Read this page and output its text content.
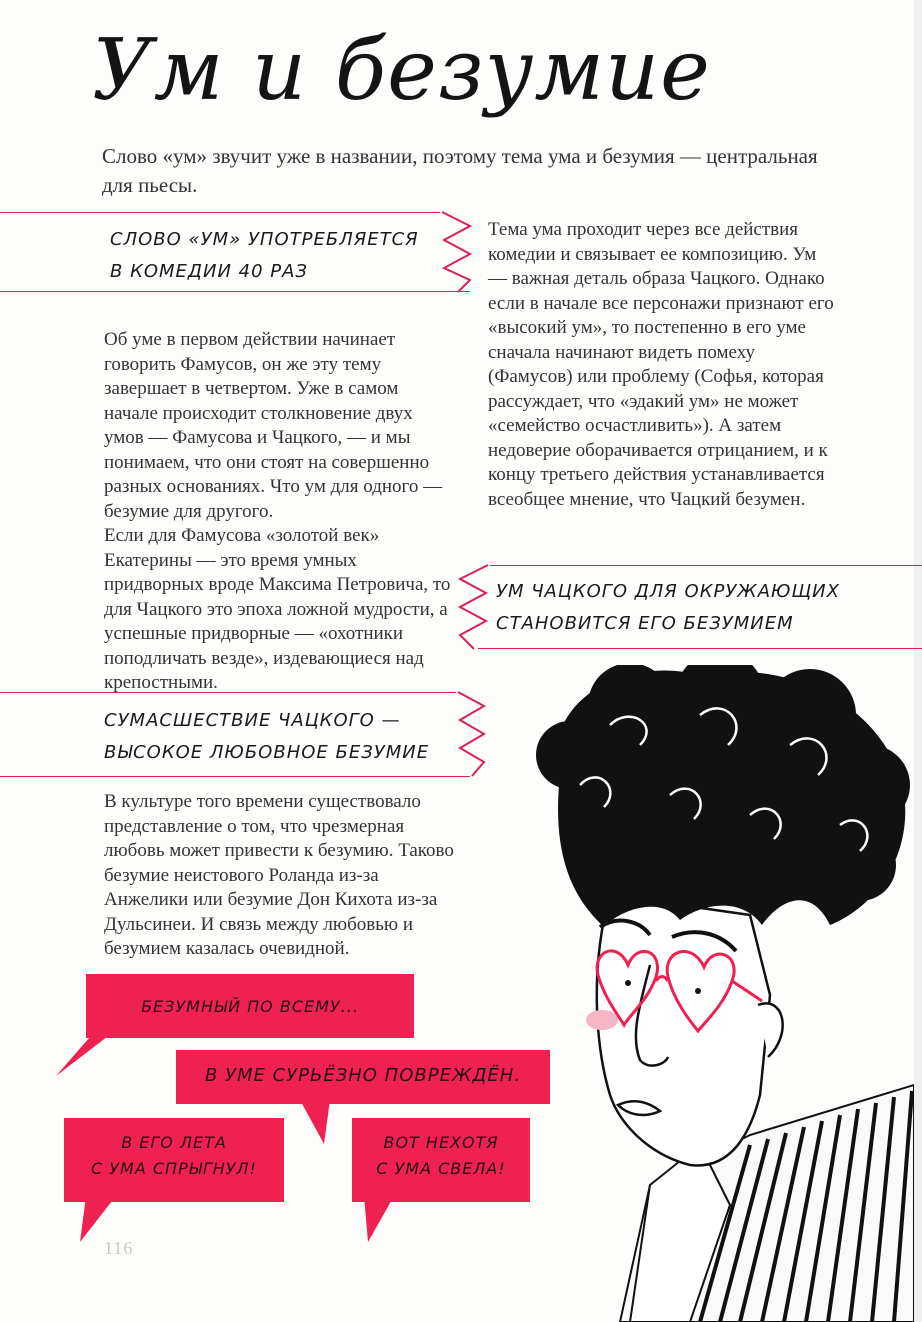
Ум и безумие
Слово «ум» звучит уже в названии, поэтому тема ума и безумия — центральная для пьесы.
СЛОВО «УМ» УПОТРЕБЛЯЕТСЯ
В КОМЕДИИ 40 РАЗ
Тема ума проходит через все действия комедии и связывает ее композицию. Ум — важная деталь образа Чацкого. Однако если в начале все персонажи признают его «высокий ум», то постепенно в его уме сначала начинают видеть помеху (Фамусов) или проблему (Софья, которая рассуждает, что «эдакий ум» не может «семейство осчастливить»). А затем недоверие оборачивается отрицанием, и к концу третьего действия устанавливается всеобщее мнение, что Чацкий безумен.
Об уме в первом действии начинает говорить Фамусов, он же эту тему завершает в четвертом. Уже в самом начале происходит столкновение двух умов — Фамусова и Чацкого, — и мы понимаем, что они стоят на совершенно разных основаниях. Что ум для одного — безумие для другого.
Если для Фамусова «золотой век» Екатерины — это время умных придворных вроде Максима Петровича, то для Чацкого это эпоха ложной мудрости, а успешные придворные — «охотники поподличать везде», издевающиеся над крепостными.
УМ ЧАЦКОГО ДЛЯ ОКРУЖАЮЩИХ
СТАНОВИТСЯ ЕГО БЕЗУМИЕМ
СУМАСШЕСТВИЕ ЧАЦКОГО —
ВЫСОКОЕ ЛЮБОВНОЕ БЕЗУМИЕ
В культуре того времени существовало представление о том, что чрезмерная любовь может привести к безумию. Таково безумие неистового Роланда из-за Анжелики или безумие Дон Кихота из-за Дульсинеи. И связь между любовью и безумием казалась очевидной.
БЕЗУМНЫЙ ПО ВСЕМУ...
В УМЕ СУРЬЁЗНО ПОВРЕЖДЁН.
В ЕГО ЛЕТА
С УМА СПРЫГНУЛ!
ВОТ НЕХОТЯ
С УМА СВЕЛА!
116
